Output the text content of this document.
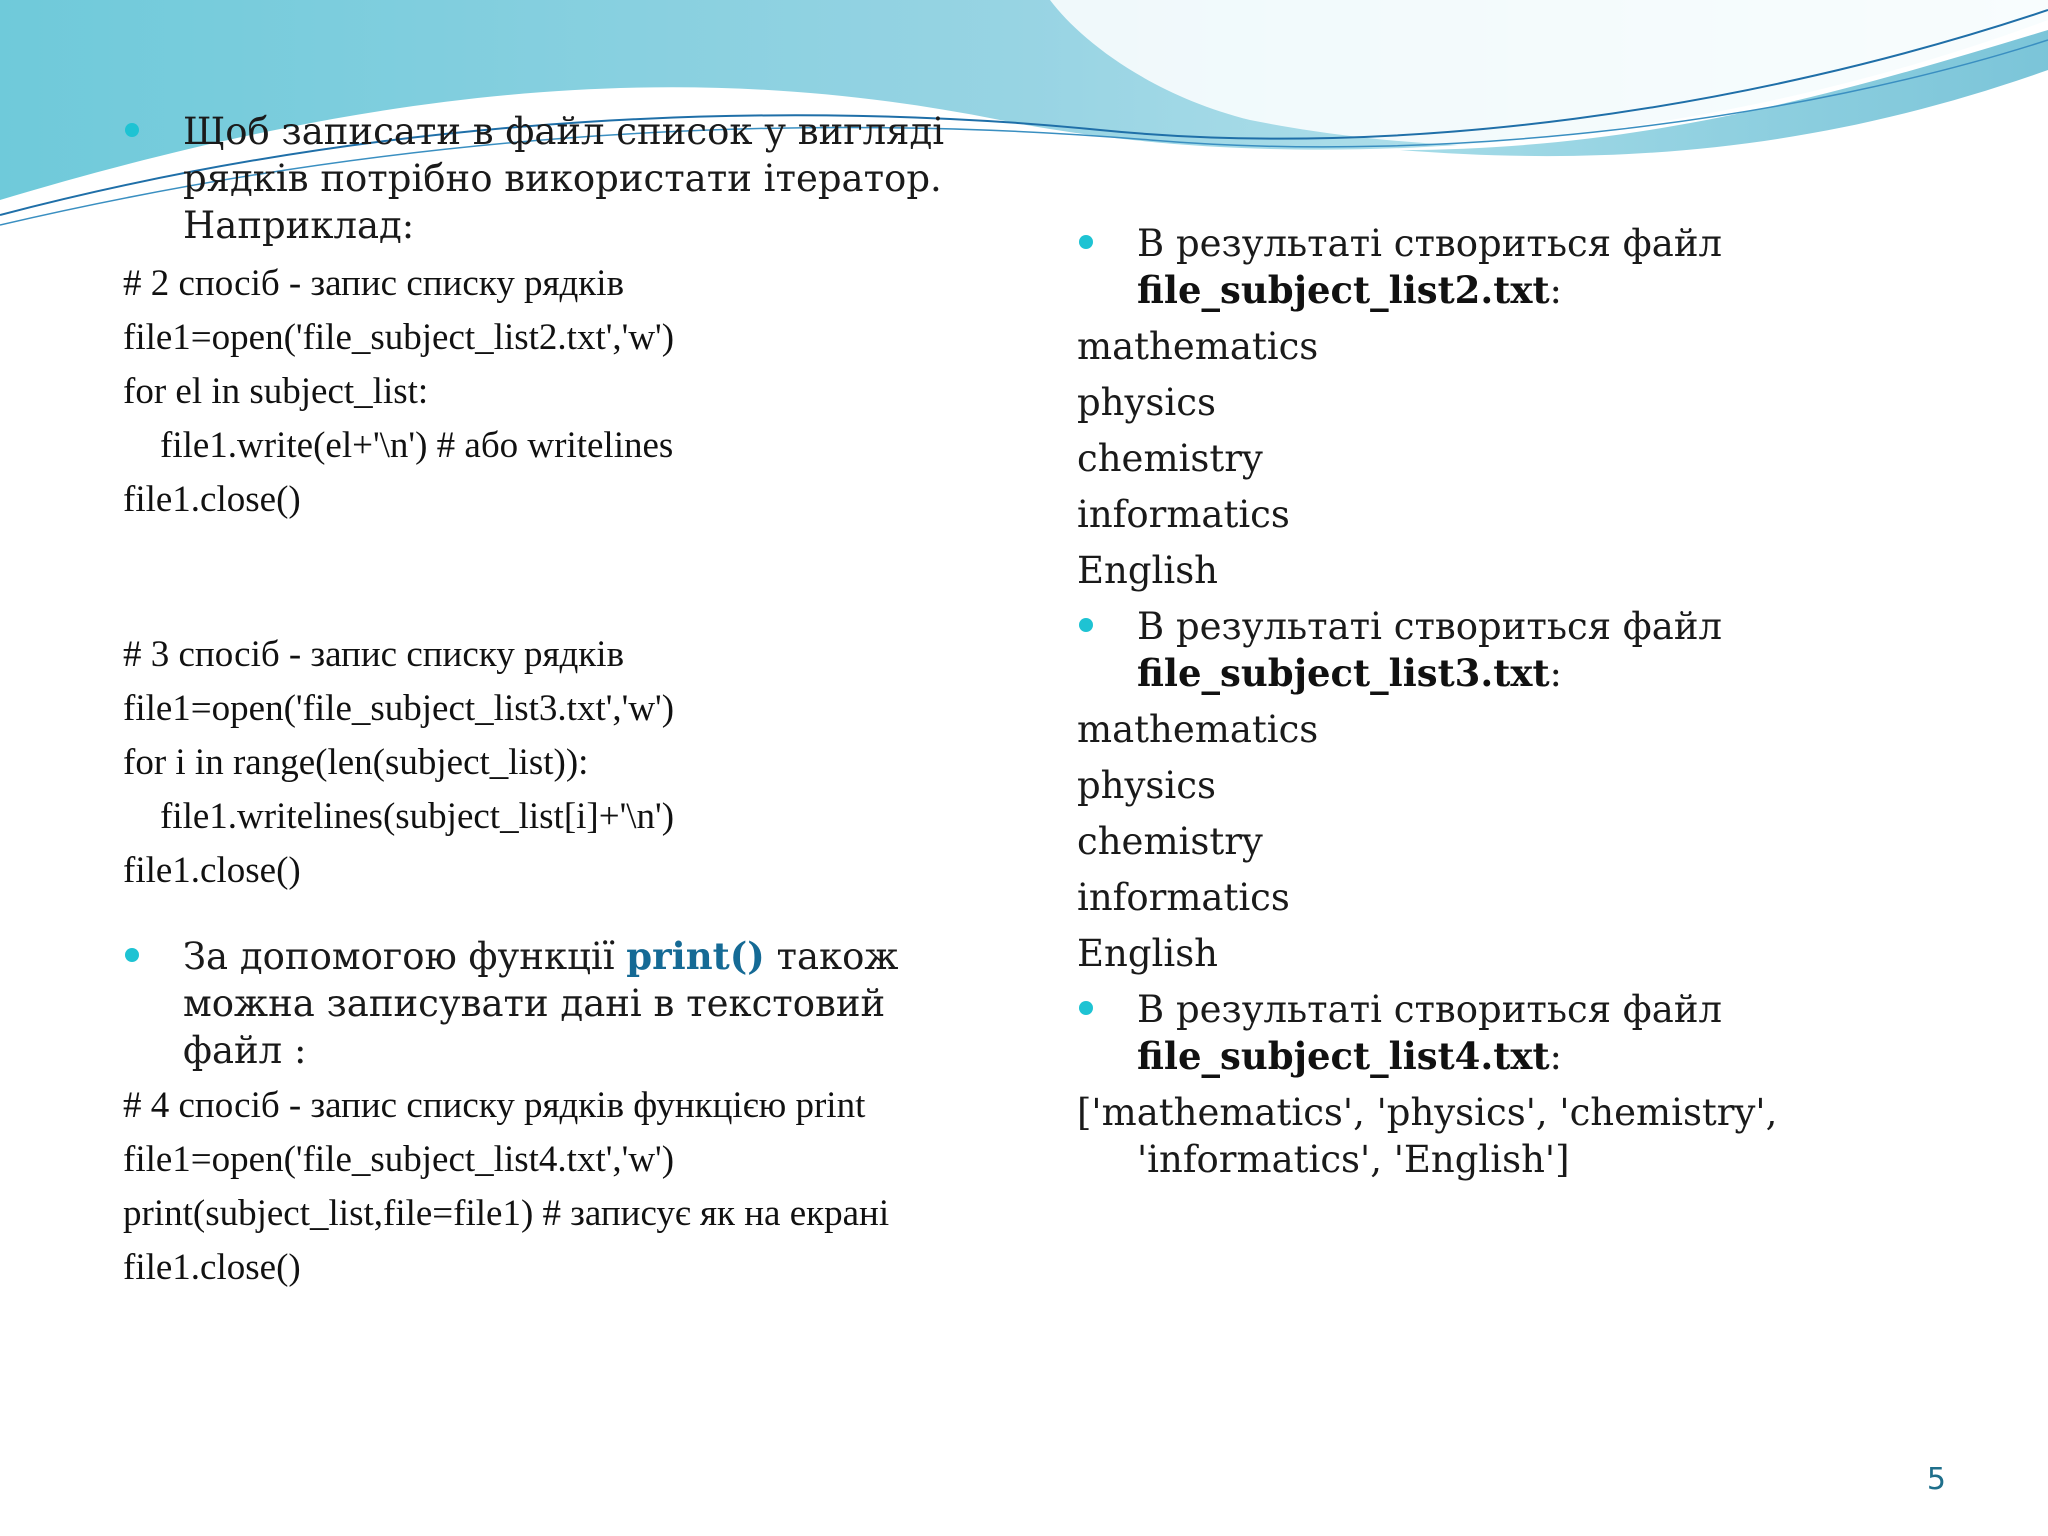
Щоб записати в файл список у вигляді рядків потрібно використати ітератор. Наприклад:

# 2 спосіб - запис списку рядків

file1=open('file_subject_list2.txt','w')

for el in subject_list:

file1.write(el+'\n') # або writelines

file1.close()

# 3 спосіб - запис списку рядків

file1=open('file_subject_list3.txt','w')

for i in range(len(subject_list)):

file1.writelines(subject_list[i]+'\n')

file1.close()

За допомогою функції print() також можна записувати дані в текстовий файл :

# 4 спосіб - запис списку рядків функцією print

file1=open('file_subject_list4.txt','w')

print(subject_list,file=file1) # записує як на екрані

file1.close()

В результаті створиться файл
file_subject_list2.txt:

mathematics

physics

chemistry

informatics

English

В результаті створиться файл
file_subject_list3.txt:

mathematics

physics

chemistry

informatics

English

В результаті створиться файл
file_subject_list4.txt:

['mathematics', 'physics', 'chemistry', 'informatics', 'English']

5
